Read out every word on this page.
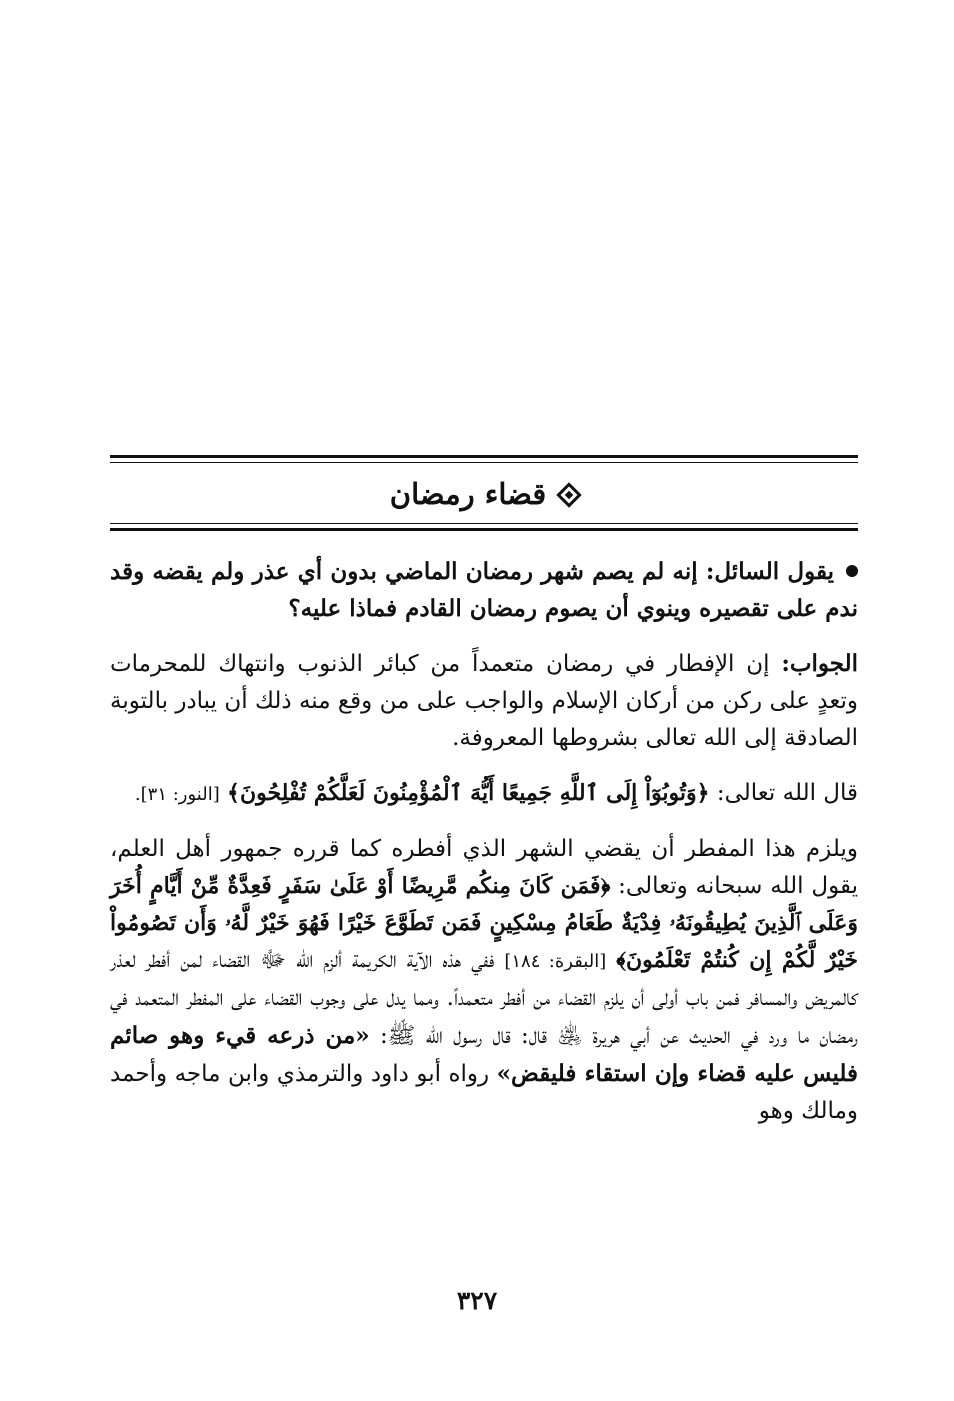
قضاء رمضان

يقول السائل: إنه لم يصم شهر رمضان الماضي بدون أي عذر ولم يقضه وقد ندم على تقصيره وينوي أن يصوم رمضان القادم فماذا عليه؟

الجواب: إن الإفطار في رمضان متعمداً من كبائر الذنوب وانتهاك للمحرمات وتعدٍ على ركن من أركان الإسلام والواجب على من وقع منه ذلك أن يبادر بالتوبة الصادقة إلى الله تعالى بشروطها المعروفة.

قال الله تعالى: ﴿وَتُوبُوٓاْ إِلَى ٱللَّهِ جَمِيعًا أَيُّهَ ٱلْمُؤْمِنُونَ لَعَلَّكُمْ تُفْلِحُونَ﴾ [النور: ٣١].

ويلزم هذا المفطر أن يقضي الشهر الذي أفطره كما قرره جمهور أهل العلم، يقول الله سبحانه وتعالى: ﴿فَمَن كَانَ مِنكُم مَّرِيضًا أَوْ عَلَىٰ سَفَرٍ فَعِدَّةٌ مِّنْ أَيَّامٍ أُخَرَ وَعَلَى ٱلَّذِينَ يُطِيقُونَهُۥ فِدْيَةٌ طَعَامُ مِسْكِينٍ فَمَن تَطَوَّعَ خَيْرًا فَهُوَ خَيْرٌ لَّهُۥ وَأَن تَصُومُواْ خَيْرٌ لَّكُمْ إِن كُنتُمْ تَعْلَمُونَ﴾ [البقرة: ١٨٤] ففي هذه الآية الكريمة ألزم الله ﷻ القضاء لمن أفطر لعذر كالمريض والمسافر فمن باب أولى أن يلزم القضاء من أفطر متعمداً. ومما يدل على وجوب القضاء على المفطر المتعمد في رمضان ما ورد في الحديث عن أبي هريرة ﵁ قال: قال رسول الله ﷺ: «من ذرعه قيء وهو صائم فليس عليه قضاء وإن استقاء فليقض» رواه أبو داود والترمذي وابن ماجه وأحمد ومالك وهو

٣٢٧
